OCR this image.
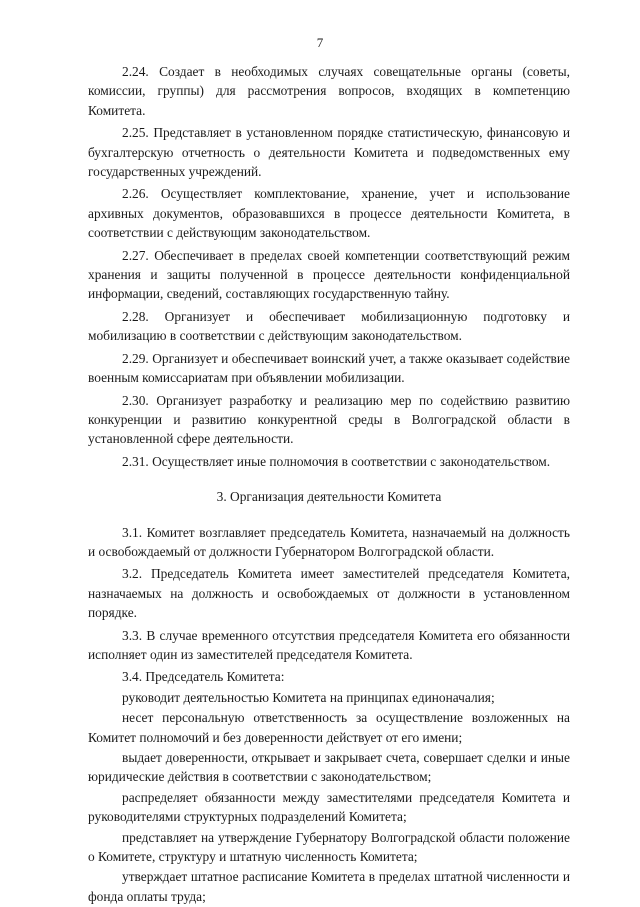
7

2.24. Создает в необходимых случаях совещательные органы (советы, комиссии, группы) для рассмотрения вопросов, входящих в компетенцию Комитета.

2.25. Представляет в установленном порядке статистическую, финансовую и бухгалтерскую отчетность о деятельности Комитета и подведомственных ему государственных учреждений.

2.26. Осуществляет комплектование, хранение, учет и использование архивных документов, образовавшихся в процессе деятельности Комитета, в соответствии с действующим законодательством.

2.27. Обеспечивает в пределах своей компетенции соответствующий режим хранения и защиты полученной в процессе деятельности конфиденциальной информации, сведений, составляющих государственную тайну.

2.28. Организует и обеспечивает мобилизационную подготовку и мобилизацию в соответствии с действующим законодательством.

2.29. Организует и обеспечивает воинский учет, а также оказывает содействие военным комиссариатам при объявлении мобилизации.

2.30. Организует разработку и реализацию мер по содействию развитию конкуренции и развитию конкурентной среды в Волгоградской области в установленной сфере деятельности.

2.31. Осуществляет иные полномочия в соответствии с законодательством.

3. Организация деятельности Комитета

3.1. Комитет возглавляет председатель Комитета, назначаемый на должность и освобождаемый от должности Губернатором Волгоградской области.

3.2. Председатель Комитета имеет заместителей председателя Комитета, назначаемых на должность и освобождаемых от должности в установленном порядке.

3.3. В случае временного отсутствия председателя Комитета его обязанности исполняет один из заместителей председателя Комитета.

3.4. Председатель Комитета:

руководит деятельностью Комитета на принципах единоначалия;

несет персональную ответственность за осуществление возложенных на Комитет полномочий и без доверенности действует от его имени;

выдает доверенности, открывает и закрывает счета, совершает сделки и иные юридические действия в соответствии с законодательством;

распределяет обязанности между заместителями председателя Комитета и руководителями структурных подразделений Комитета;

представляет на утверждение Губернатору Волгоградской области положение о Комитете, структуру и штатную численность Комитета;

утверждает штатное расписание Комитета в пределах штатной численности и фонда оплаты труда;
